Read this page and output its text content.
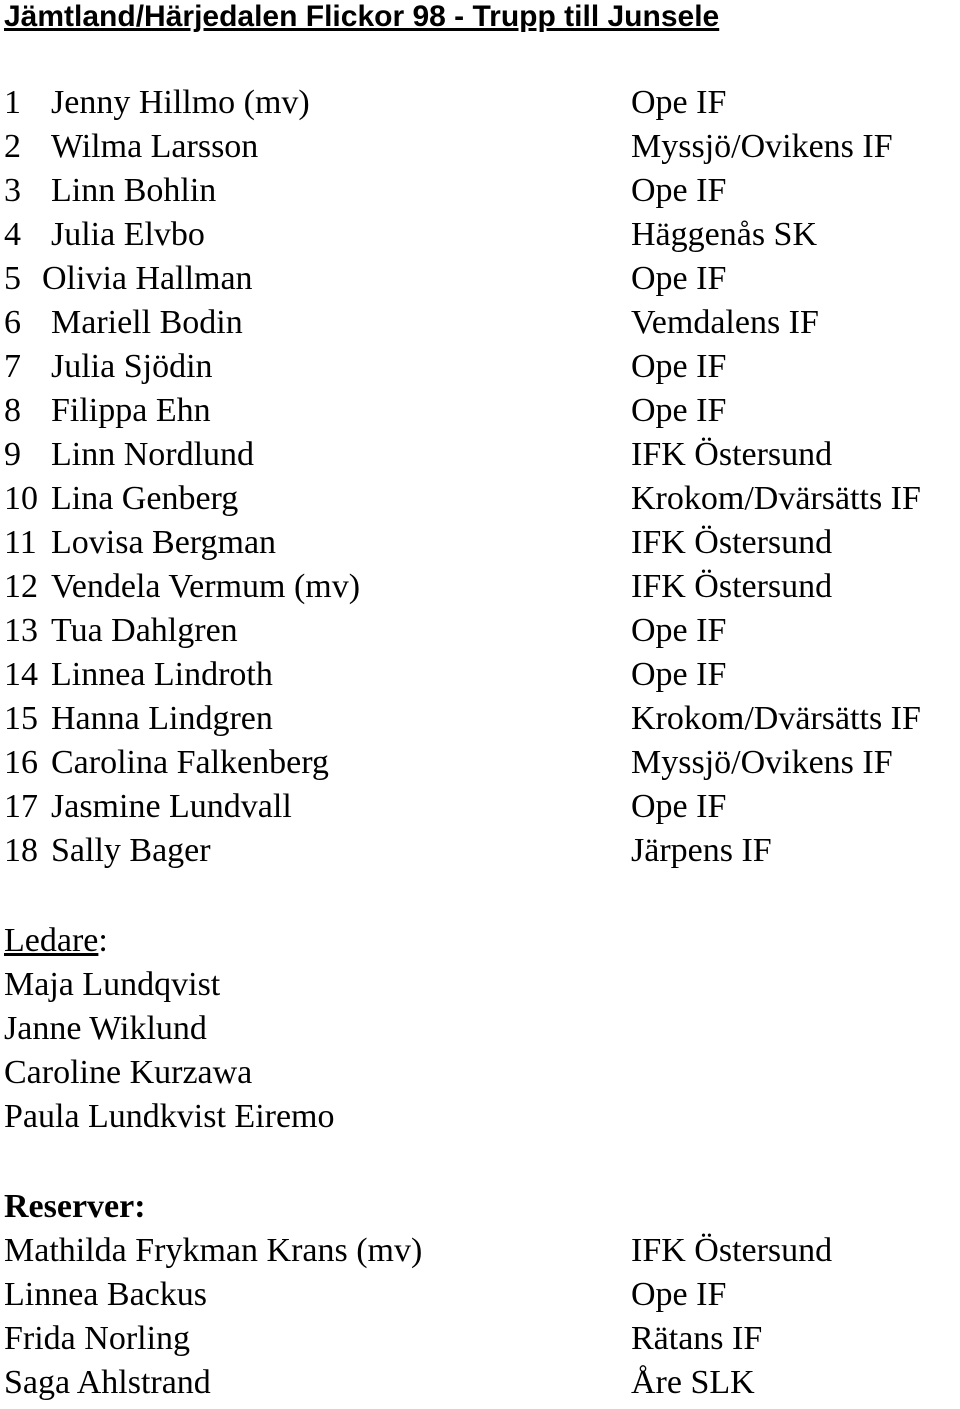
Jämtland/Härjedalen Flickor 98 - Trupp till Junsele
1 Jenny Hillmo (mv)	Ope IF
2 Wilma Larsson	Myssjö/Ovikens IF
3 Linn Bohlin	Ope IF
4 Julia Elvbo	Häggenås SK
5 Olivia Hallman	Ope IF
6 Mariell Bodin	Vemdalens IF
7 Julia Sjödin	Ope IF
8 Filippa Ehn	Ope IF
9 Linn Nordlund	IFK Östersund
10 Lina Genberg	Krokom/Dvärsätts IF
11 Lovisa Bergman	IFK Östersund
12 Vendela Vermum (mv)	IFK Östersund
13 Tua Dahlgren	Ope IF
14 Linnea Lindroth	Ope IF
15 Hanna Lindgren	Krokom/Dvärsätts IF
16 Carolina Falkenberg	Myssjö/Ovikens IF
17 Jasmine Lundvall	Ope IF
18 Sally Bager	Järpens IF
Ledare:
Maja Lundqvist
Janne Wiklund
Caroline Kurzawa
Paula Lundkvist Eiremo
Reserver:
Mathilda Frykman Krans (mv)	IFK Östersund
Linnea Backus	Ope IF
Frida Norling	Rätans IF
Saga Ahlstrand	Åre SLK
